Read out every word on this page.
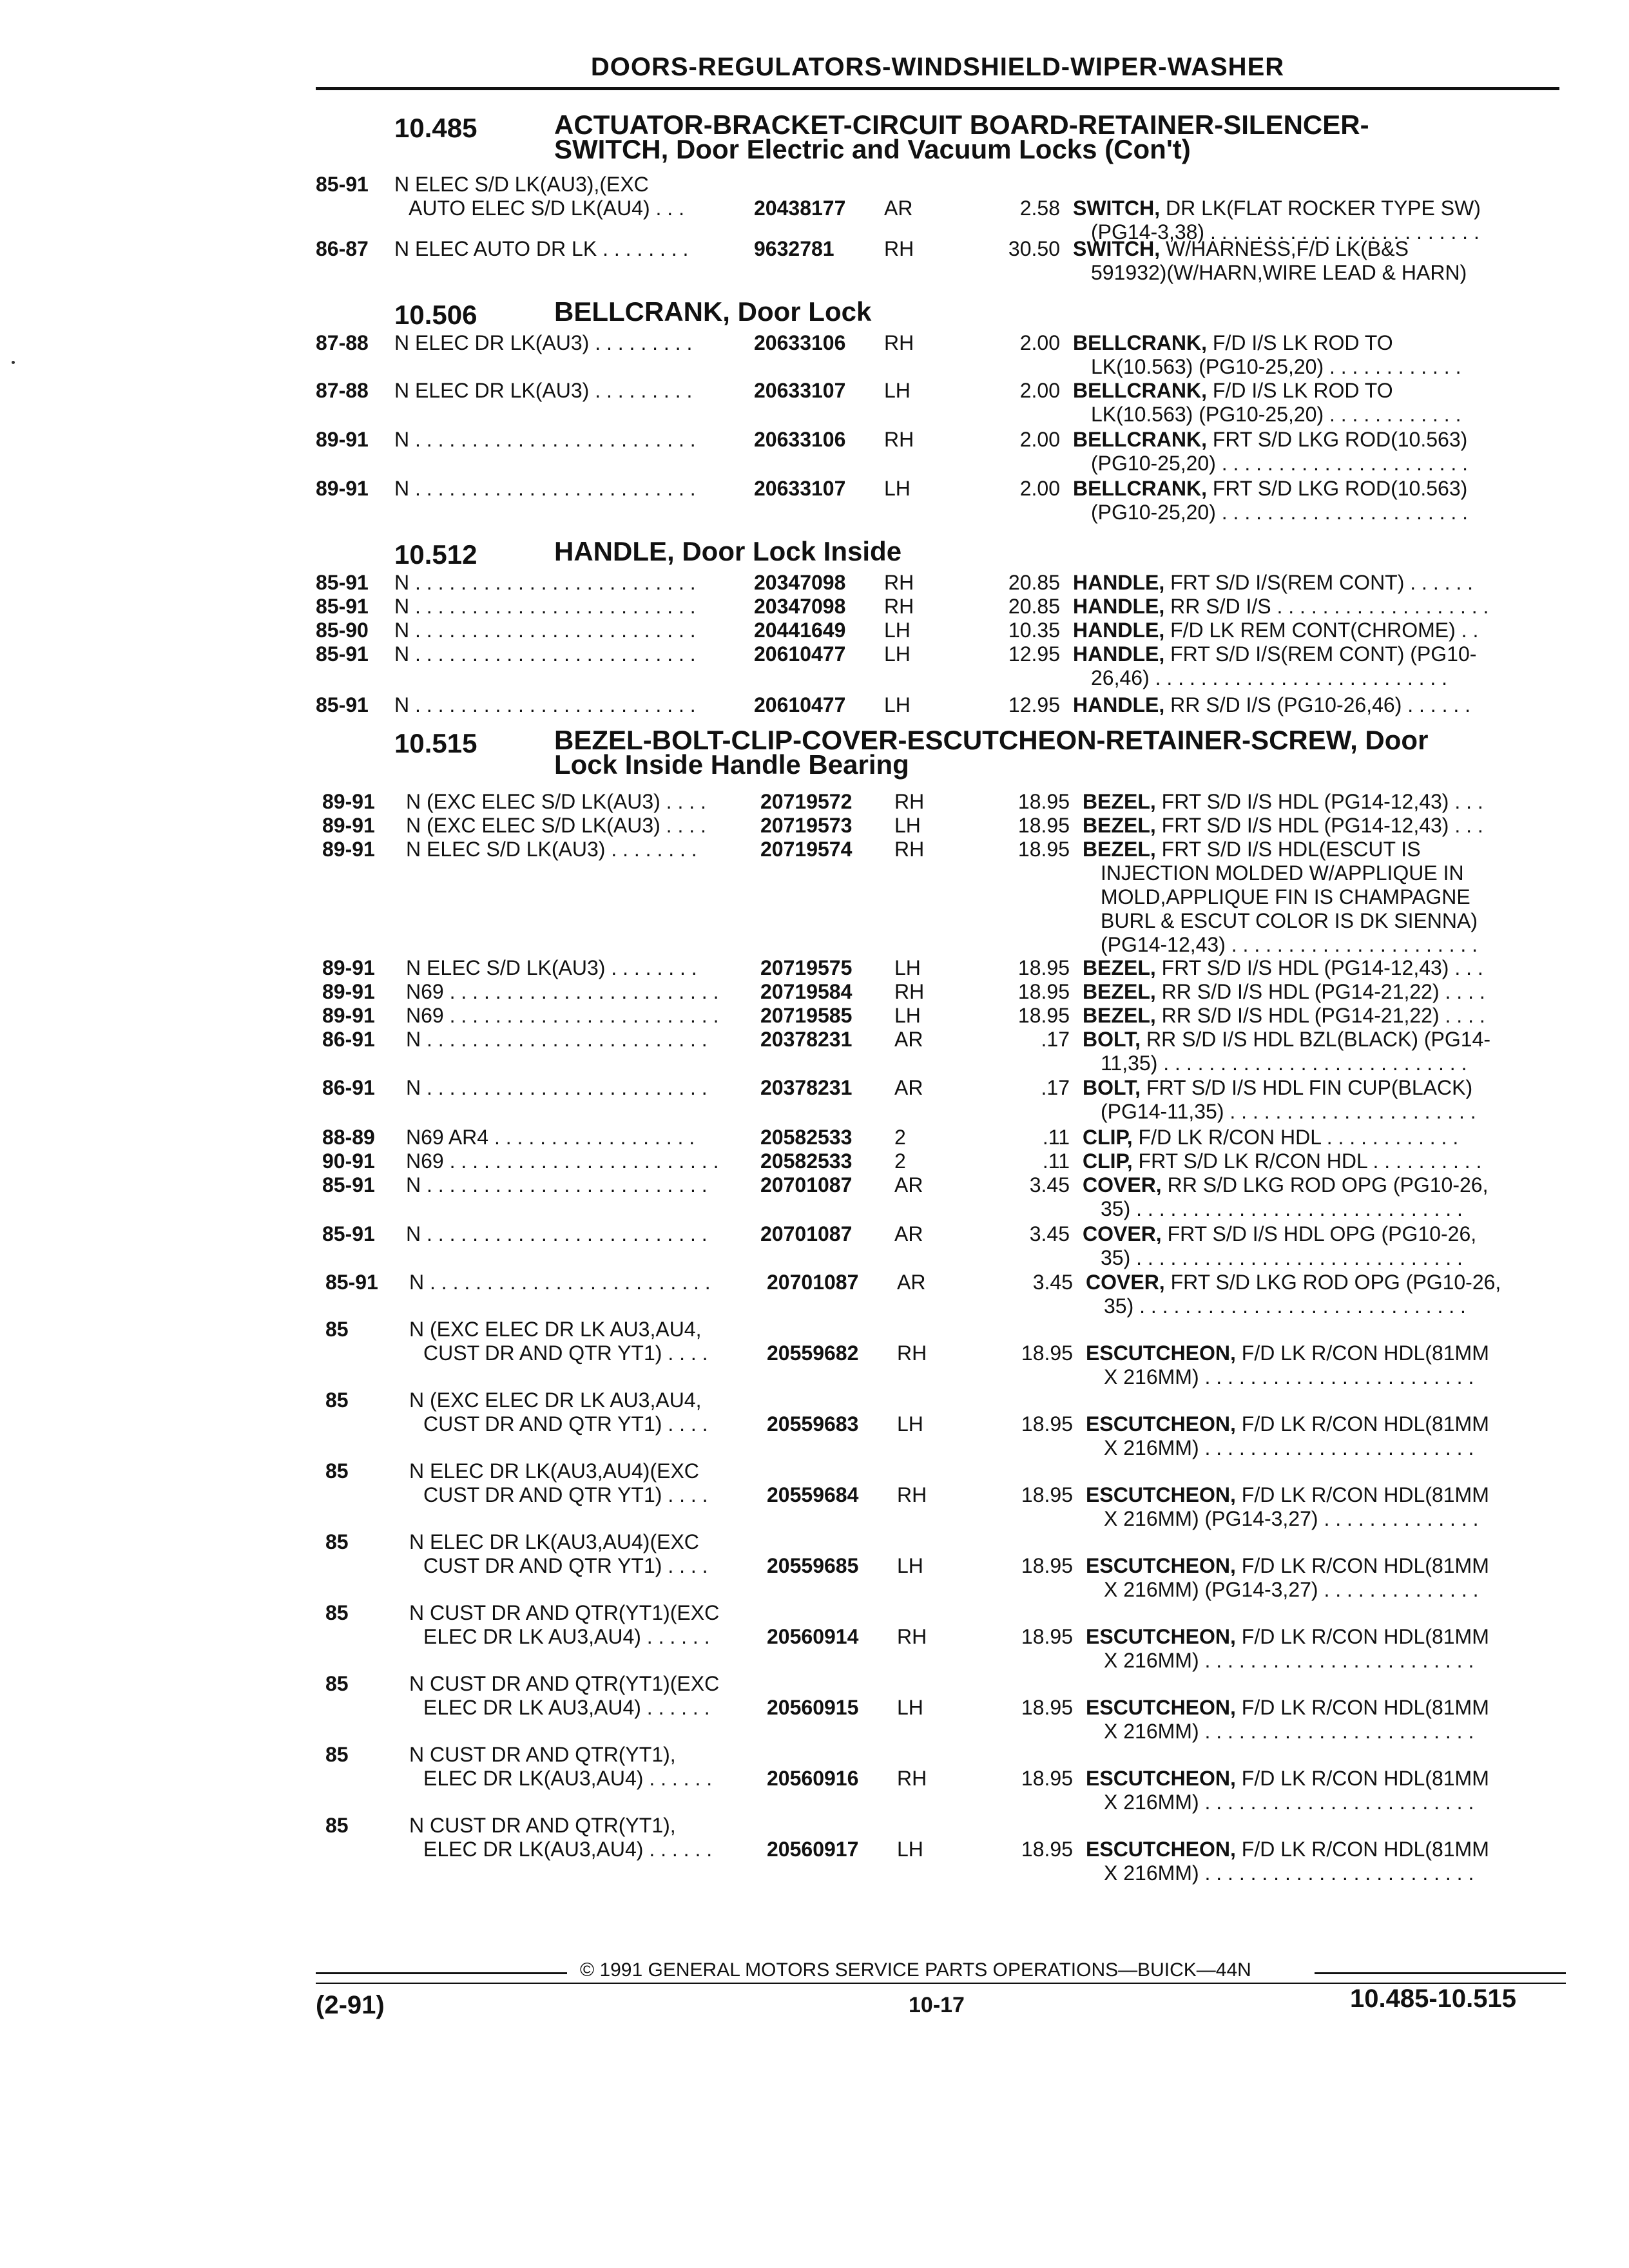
DOORS-REGULATORS-WINDSHIELD-WIPER-WASHER
10.485	ACTUATOR-BRACKET-CIRCUIT BOARD-RETAINER-SILENCER-
SWITCH, Door Electric and Vacuum Locks (Con't)
10.506	BELLCRANK, Door Lock
10.512	HANDLE, Door Lock Inside
10.515	BEZEL-BOLT-CLIP-COVER-ESCUTCHEON-RETAINER-SCREW, Door
Lock Inside Handle Bearing
85-91 N ELEC S/D LK(AU3),(EXC
AUTO ELEC S/D LK(AU4) . . .	20438177 AR	2.58 SWITCH, DR LK(FLAT ROCKER TYPE SW)
(PG14-3,38) . . . . . . . . . . . . . . . . . . . . . . . .
86-87 N ELEC AUTO DR LK . . . . . . . .	9632781 RH	30.50 SWITCH, W/HARNESS,F/D LK(B&S
591932)(W/HARN,WIRE LEAD & HARN)
87-88 N ELEC DR LK(AU3) . . . . . . . . .	20633106 RH	2.00 BELLCRANK, F/D I/S LK ROD TO
LK(10.563) (PG10-25,20) . . . . . . . . . . . .
87-88 N ELEC DR LK(AU3) . . . . . . . . .	20633107 LH	2.00 BELLCRANK, F/D I/S LK ROD TO
LK(10.563) (PG10-25,20) . . . . . . . . . . . .
89-91 N . . . . . . . . . . . . . . . . . . . . . . . . .	20633106 RH	2.00 BELLCRANK, FRT S/D LKG ROD(10.563)
(PG10-25,20) . . . . . . . . . . . . . . . . . . . . . .
89-91 N . . . . . . . . . . . . . . . . . . . . . . . . .	20633107 LH	2.00 BELLCRANK, FRT S/D LKG ROD(10.563)
(PG10-25,20) . . . . . . . . . . . . . . . . . . . . . .
85-91 N . . . . . . . . . . . . . . . . . . . . . . . . .	20347098 RH	20.85 HANDLE, FRT S/D I/S(REM CONT) . . . . . .
85-91 N . . . . . . . . . . . . . . . . . . . . . . . . .	20347098 RH	20.85 HANDLE, RR S/D I/S . . . . . . . . . . . . . . . . . . .
85-90 N . . . . . . . . . . . . . . . . . . . . . . . . .	20441649 LH	10.35 HANDLE, F/D LK REM CONT(CHROME) . .
85-91 N . . . . . . . . . . . . . . . . . . . . . . . . .	20610477 LH	12.95 HANDLE, FRT S/D I/S(REM CONT) (PG10-
26,46) . . . . . . . . . . . . . . . . . . . . . . . . . .
85-91 N . . . . . . . . . . . . . . . . . . . . . . . . .	20610477 LH	12.95 HANDLE, RR S/D I/S (PG10-26,46) . . . . . .
89-91 N (EXC ELEC S/D LK(AU3) . . . .	20719572 RH	18.95 BEZEL, FRT S/D I/S HDL (PG14-12,43) . . .
89-91 N (EXC ELEC S/D LK(AU3) . . . .	20719573 LH	18.95 BEZEL, FRT S/D I/S HDL (PG14-12,43) . . .
89-91 N ELEC S/D LK(AU3) . . . . . . . .	20719574 RH	18.95 BEZEL, FRT S/D I/S HDL(ESCUT IS
INJECTION MOLDED W/APPLIQUE IN
MOLD,APPLIQUE FIN IS CHAMPAGNE
BURL & ESCUT COLOR IS DK SIENNA)
(PG14-12,43) . . . . . . . . . . . . . . . . . . . . . .
89-91 N ELEC S/D LK(AU3) . . . . . . . .	20719575 LH	18.95 BEZEL, FRT S/D I/S HDL (PG14-12,43) . . .
89-91 N69 . . . . . . . . . . . . . . . . . . . . . . . . 20719584 RH	18.95 BEZEL, RR S/D I/S HDL (PG14-21,22) . . . .
89-91 N69 . . . . . . . . . . . . . . . . . . . . . . . . 20719585 LH	18.95 BEZEL, RR S/D I/S HDL (PG14-21,22) . . . .
86-91 N . . . . . . . . . . . . . . . . . . . . . . . . .	20378231 AR	.17 BOLT, RR S/D I/S HDL BZL(BLACK) (PG14-
11,35) . . . . . . . . . . . . . . . . . . . . . . . . . . .
86-91 N . . . . . . . . . . . . . . . . . . . . . . . . .	20378231 AR	.17 BOLT, FRT S/D I/S HDL FIN CUP(BLACK)
(PG14-11,35) . . . . . . . . . . . . . . . . . . . . . .
88-89 N69 AR4 . . . . . . . . . . . . . . . . . .	20582533 2	.11 CLIP, F/D LK R/CON HDL . . . . . . . . . . . .
90-91 N69 . . . . . . . . . . . . . . . . . . . . . . . . 20582533 2	.11 CLIP, FRT S/D LK R/CON HDL . . . . . . . . . .
85-91 N . . . . . . . . . . . . . . . . . . . . . . . . .	20701087 AR	3.45 COVER, RR S/D LKG ROD OPG (PG10-26,
35) . . . . . . . . . . . . . . . . . . . . . . . . . . . . .
85-91 N . . . . . . . . . . . . . . . . . . . . . . . . .	20701087 AR	3.45 COVER, FRT S/D I/S HDL OPG (PG10-26,
35) . . . . . . . . . . . . . . . . . . . . . . . . . . . . .
85-91 N . . . . . . . . . . . . . . . . . . . . . . . . .	20701087 AR	3.45 COVER, FRT S/D LKG ROD OPG (PG10-26,
35) . . . . . . . . . . . . . . . . . . . . . . . . . . . . .
85	N (EXC ELEC DR LK AU3,AU4,
CUST DR AND QTR YT1) . . . .	20559682 RH	18.95 ESCUTCHEON, F/D LK R/CON HDL(81MM
X 216MM) . . . . . . . . . . . . . . . . . . . . . . . .
85	N (EXC ELEC DR LK AU3,AU4,
CUST DR AND QTR YT1) . . . .	20559683 LH	18.95 ESCUTCHEON, F/D LK R/CON HDL(81MM
X 216MM) . . . . . . . . . . . . . . . . . . . . . . . .
85	N ELEC DR LK(AU3,AU4)(EXC
CUST DR AND QTR YT1) . . . .	20559684 RH	18.95 ESCUTCHEON, F/D LK R/CON HDL(81MM
X 216MM) (PG14-3,27) . . . . . . . . . . . . . .
85	N ELEC DR LK(AU3,AU4)(EXC
CUST DR AND QTR YT1) . . . .	20559685 LH	18.95 ESCUTCHEON, F/D LK R/CON HDL(81MM
X 216MM) (PG14-3,27) . . . . . . . . . . . . . .
85	N CUST DR AND QTR(YT1)(EXC
ELEC DR LK AU3,AU4) . . . . . .	20560914 RH	18.95 ESCUTCHEON, F/D LK R/CON HDL(81MM
X 216MM) . . . . . . . . . . . . . . . . . . . . . . . .
85	N CUST DR AND QTR(YT1)(EXC
ELEC DR LK AU3,AU4) . . . . . .	20560915 LH	18.95 ESCUTCHEON, F/D LK R/CON HDL(81MM
X 216MM) . . . . . . . . . . . . . . . . . . . . . . . .
85	N CUST DR AND QTR(YT1),
ELEC DR LK(AU3,AU4) . . . . . .	20560916 RH	18.95 ESCUTCHEON, F/D LK R/CON HDL(81MM
X 216MM) . . . . . . . . . . . . . . . . . . . . . . . .
85	N CUST DR AND QTR(YT1),
ELEC DR LK(AU3,AU4) . . . . . .	20560917 LH	18.95 ESCUTCHEON, F/D LK R/CON HDL(81MM
X 216MM) . . . . . . . . . . . . . . . . . . . . . . . .
© 1991 GENERAL MOTORS SERVICE PARTS OPERATIONS—BUICK—44N
(2-91)	10-17	10.485-10.515
